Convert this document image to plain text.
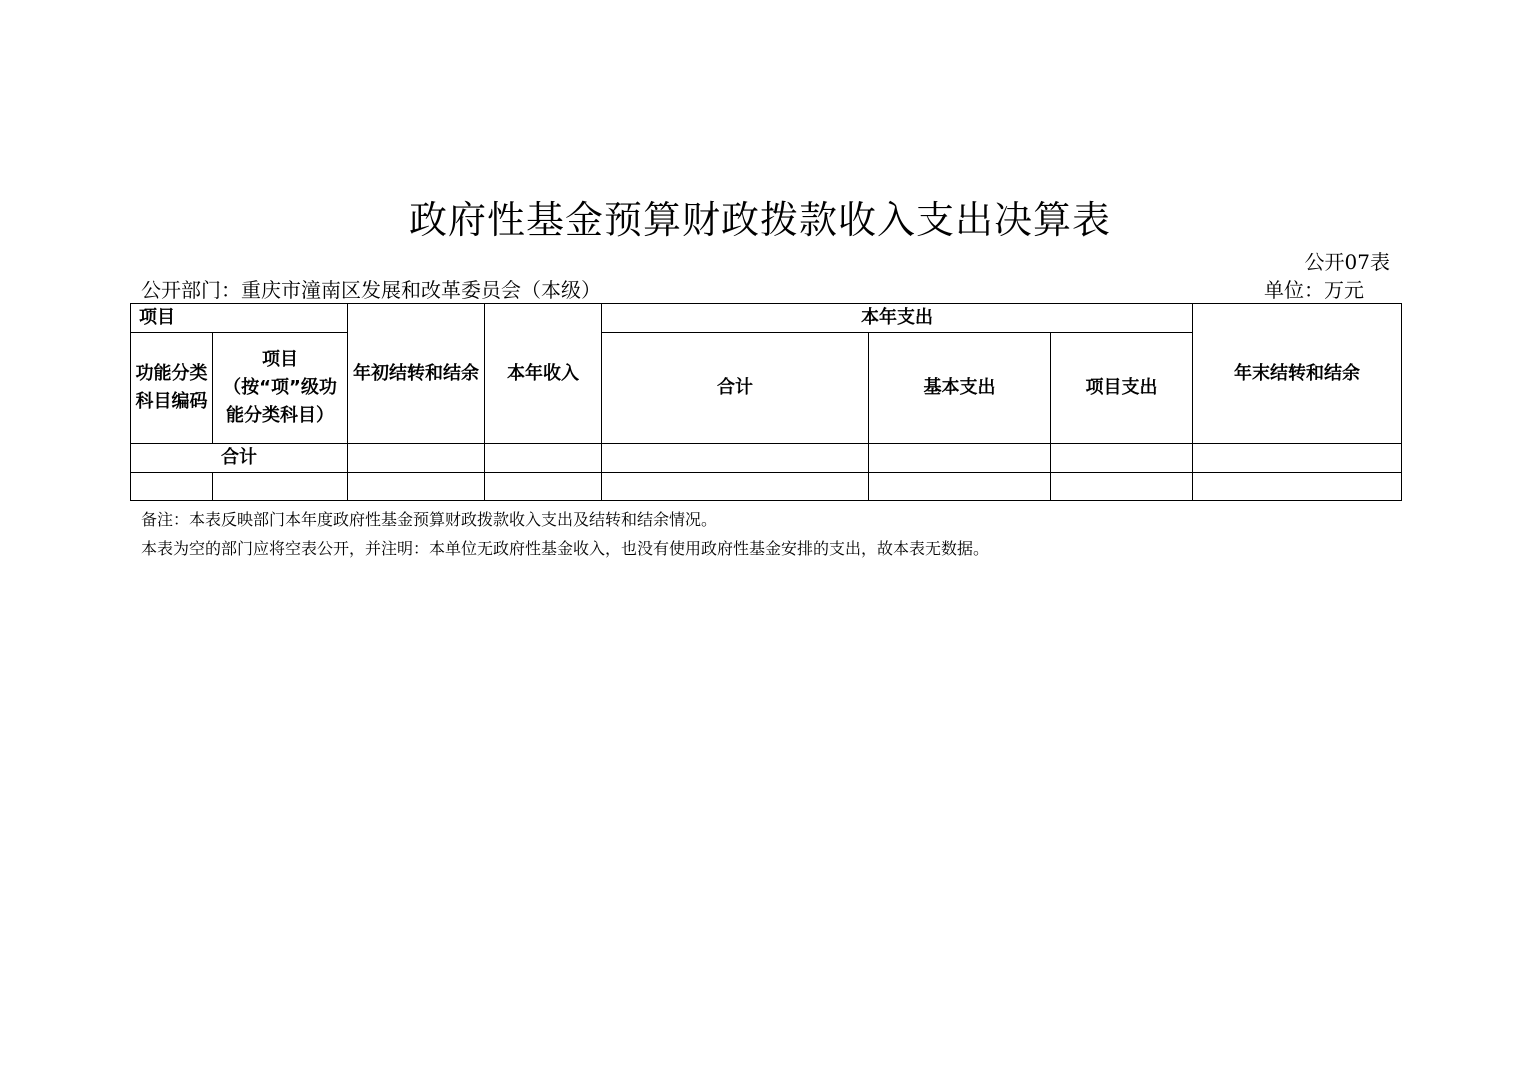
政府性基金预算财政拨款收入支出决算表
公开07表
公开部门：重庆市潼南区发展和改革委员会（本级）	单位：万元
项目		年初结转和结余	本年收入	本年支出			年末结转和结余
功能分类科目编码	项目（按“项”级功能分类科目）			合计	基本支出	项目支出	
合计							

备注：本表反映部门本年度政府性基金预算财政拨款收入支出及结转和结余情况。
本表为空的部门应将空表公开，并注明：本单位无政府性基金收入，也没有使用政府性基金安排的支出，故本表无数据。
